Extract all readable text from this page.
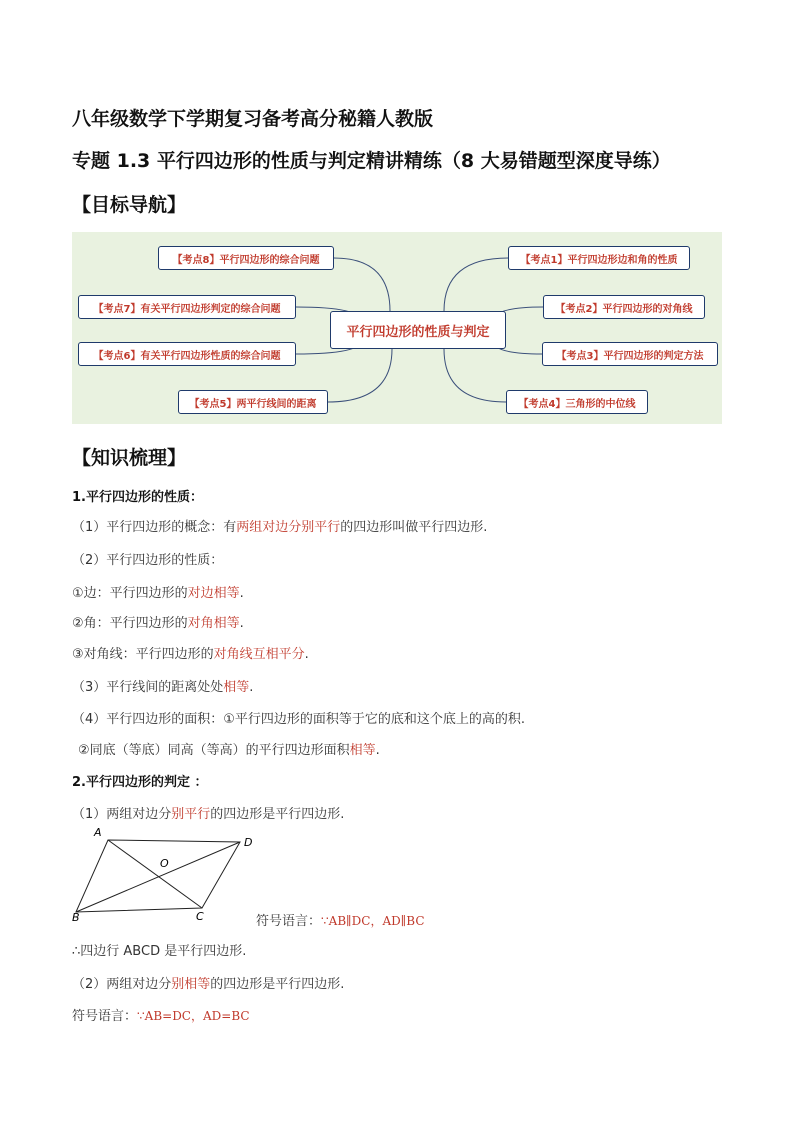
八年级数学下学期复习备考高分秘籍人教版
专题 1.3 平行四边形的性质与判定精讲精练（8 大易错题型深度导练）
【目标导航】
【考点8】平行四边形的综合问题
【考点7】有关平行四边形判定的综合问题
【考点6】有关平行四边形性质的综合问题
【考点5】两平行线间的距离
平行四边形的性质与判定
【考点1】平行四边形边和角的性质
【考点2】平行四边形的对角线
【考点3】平行四边形的判定方法
【考点4】三角形的中位线
【知识梳理】
1.平行四边形的性质：
（1）平行四边形的概念：有两组对边分别平行的四边形叫做平行四边形.
（2）平行四边形的性质：
①边：平行四边形的对边相等.
②角：平行四边形的对角相等.
③对角线：平行四边形的对角线互相平分.
（3）平行线间的距离处处相等.
（4）平行四边形的面积：①平行四边形的面积等于它的底和这个底上的高的积.
②同底（等底）同高（等高）的平行四边形面积相等.
2.平行四边形的判定 ：
（1）两组对边分别平行的四边形是平行四边形.
A
D
B	C
O
符号语言：∵AB∥DC，AD∥BC
∴四边行 ABCD 是平行四边形.
（2）两组对边分别相等的四边形是平行四边形.
符号语言：∵AB=DC，AD=BC
